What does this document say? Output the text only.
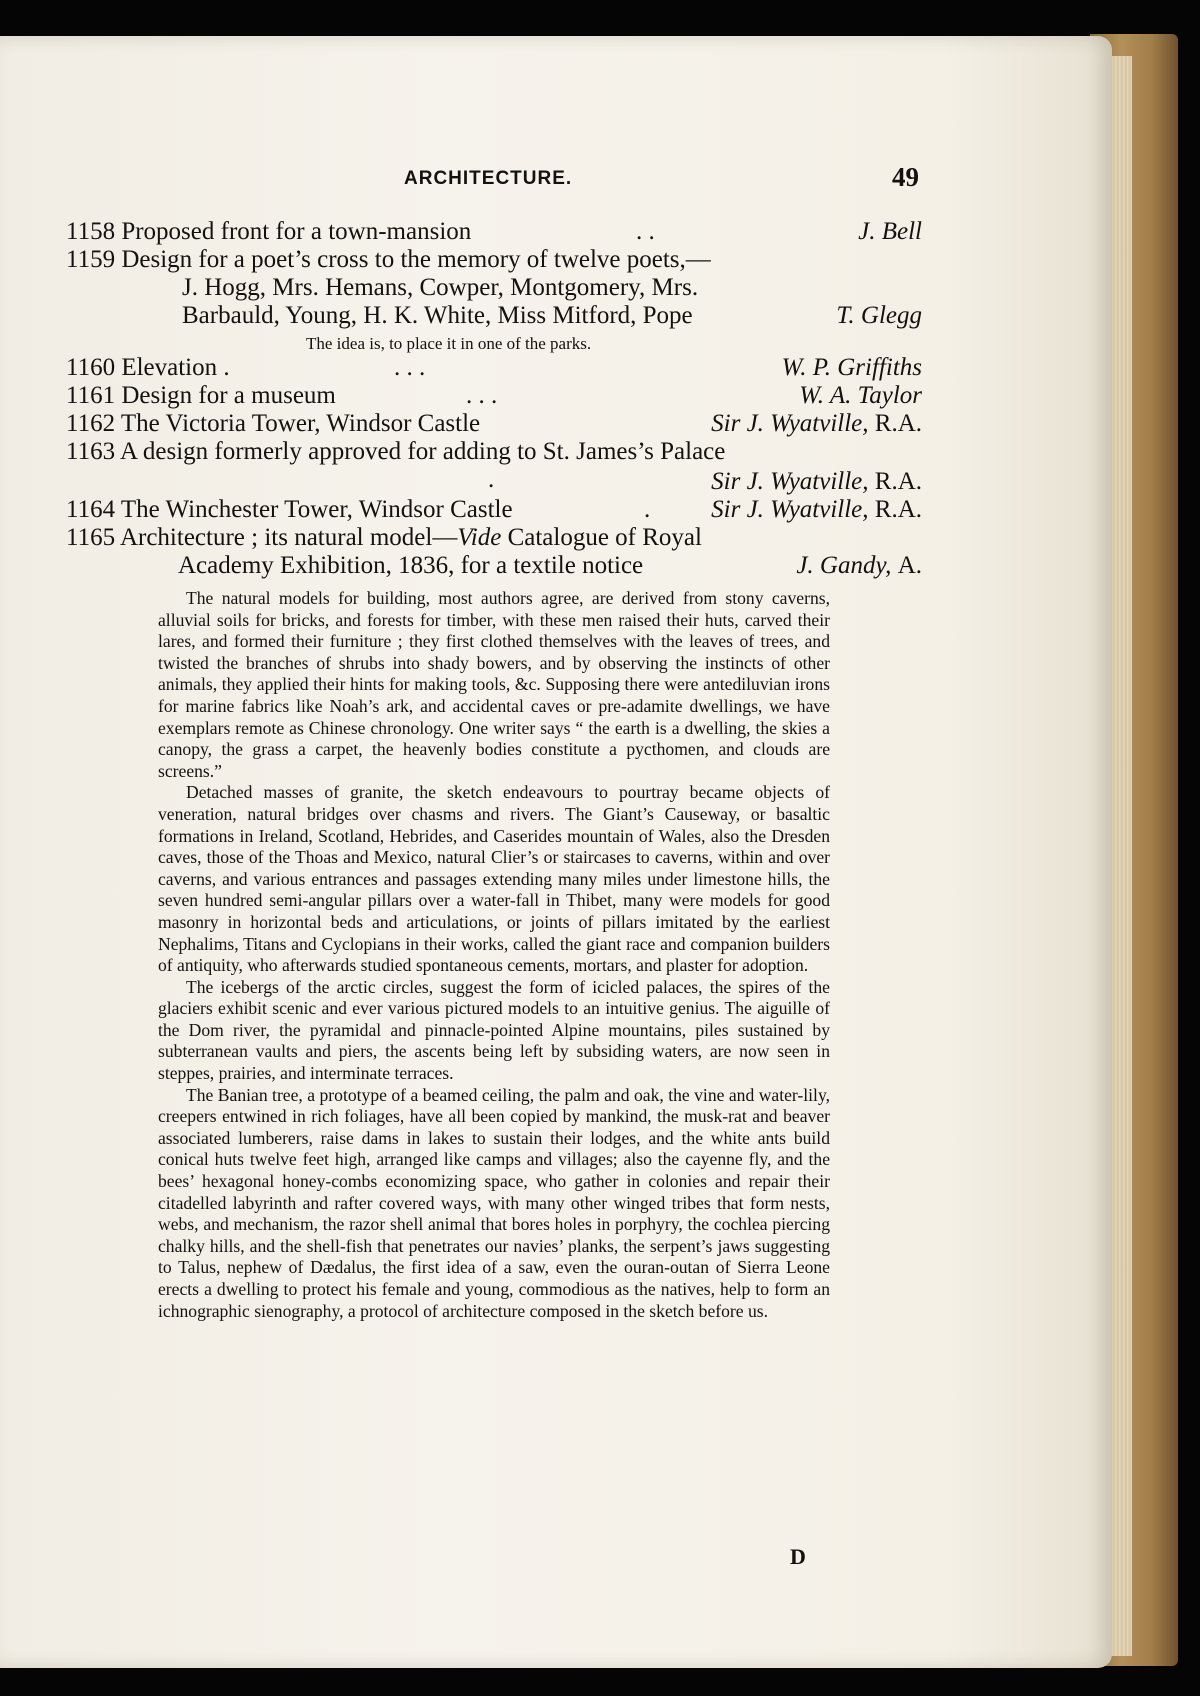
ARCHITECTURE.	49
1158 Proposed front for a town-mansion	. .	J. Bell
1159 Design for a poet’s cross to the memory of twelve poets,—
J. Hogg, Mrs. Hemans, Cowper, Montgomery, Mrs.
Barbauld, Young, H. K. White, Miss Mitford, Pope	T. Glegg
The idea is, to place it in one of the parks.
1160 Elevation .	. . .	W. P. Griffiths
1161 Design for a museum	. . .	W. A. Taylor
1162 The Victoria Tower, Windsor Castle	Sir J. Wyatville, R.A.
1163 A design formerly approved for adding to St. James’s Palace
.	Sir J. Wyatville, R.A.
1164 The Winchester Tower, Windsor Castle	. Sir J. Wyatville, R.A.
1165 Architecture ; its natural model—Vide Catalogue of Royal
Academy Exhibition, 1836, for a textile notice	J. Gandy, A.

The natural models for building, most authors agree, are derived from stony caverns, alluvial soils for bricks, and forests for timber, with these men raised their huts, carved their lares, and formed their furniture ; they first clothed themselves with the leaves of trees, and twisted the branches of shrubs into shady bowers, and by observing the instincts of other animals, they applied their hints for making tools, &c. Supposing there were antediluvian irons for marine fabrics like Noah’s ark, and accidental caves or pre-adamite dwellings, we have exemplars remote as Chinese chronology. One writer says “ the earth is a dwelling, the skies a canopy, the grass a carpet, the heavenly bodies constitute a pycthomen, and clouds are screens.”

Detached masses of granite, the sketch endeavours to pourtray became objects of veneration, natural bridges over chasms and rivers. The Giant’s Causeway, or basaltic formations in Ireland, Scotland, Hebrides, and Caserides mountain of Wales, also the Dresden caves, those of the Thoas and Mexico, natural Clier’s or staircases to caverns, within and over caverns, and various entrances and passages extending many miles under limestone hills, the seven hundred semi-angular pillars over a water-fall in Thibet, many were models for good masonry in horizontal beds and articulations, or joints of pillars imitated by the earliest Nephalims, Titans and Cyclopians in their works, called the giant race and companion builders of antiquity, who afterwards studied spontaneous cements, mortars, and plaster for adoption.

The icebergs of the arctic circles, suggest the form of icicled palaces, the spires of the glaciers exhibit scenic and ever various pictured models to an intuitive genius. The aiguille of the Dom river, the pyramidal and pinnacle-pointed Alpine mountains, piles sustained by subterranean vaults and piers, the ascents being left by subsiding waters, are now seen in steppes, prairies, and interminate terraces.

The Banian tree, a prototype of a beamed ceiling, the palm and oak, the vine and water-lily, creepers entwined in rich foliages, have all been copied by mankind, the musk-rat and beaver associated lumberers, raise dams in lakes to sustain their lodges, and the white ants build conical huts twelve feet high, arranged like camps and villages; also the cayenne fly, and the bees’ hexagonal honey-combs economizing space, who gather in colonies and repair their citadelled labyrinth and rafter covered ways, with many other winged tribes that form nests, webs, and mechanism, the razor shell animal that bores holes in porphyry, the cochlea piercing chalky hills, and the shell-fish that penetrates our navies’ planks, the serpent’s jaws suggesting to Talus, nephew of Dædalus, the first idea of a saw, even the ouran-outan of Sierra Leone erects a dwelling to protect his female and young, commodious as the natives, help to form an ichnographic sienography, a protocol of architecture composed in the sketch before us.

D
